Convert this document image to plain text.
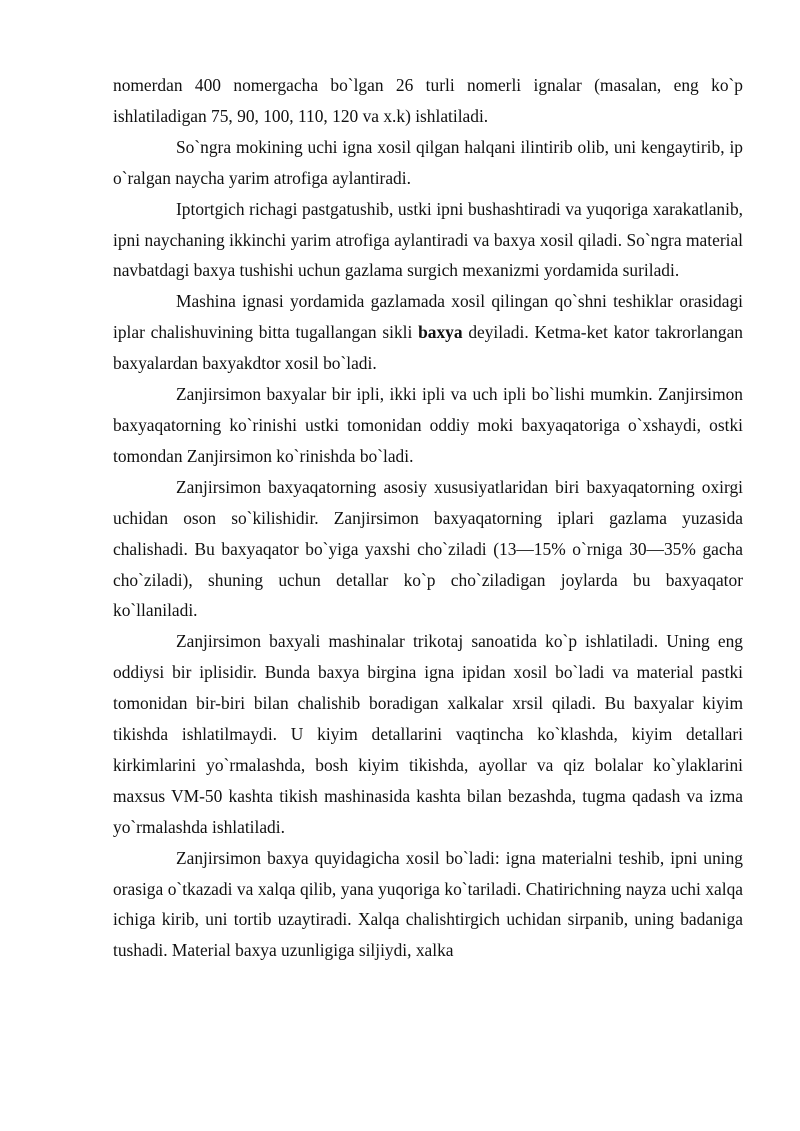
nomerdan 400 nomergacha bo`lgan 26 turli nomerli ignalar (masalan, eng ko`p ishlatiladigan 75, 90, 100, 110, 120 va x.k) ishlatiladi.

So`ngra mokining uchi igna xosil qilgan halqani ilintirib olib, uni kengaytirib, ip o`ralgan naycha yarim atrofiga aylantiradi.

Iptortgich richagi pastgatushib, ustki ipni bushashtiradi va yuqoriga xarakatlanib, ipni naychaning ikkinchi yarim atrofiga aylantiradi va baxya xosil qiladi. So`ngra material navbatdagi baxya tushishi uchun gazlama surgich mexanizmi yordamida suriladi.

Mashina ignasi yordamida gazlamada xosil qilingan qo`shni teshiklar orasidagi iplar chalishuvining bitta tugallangan sikli baxya deyiladi. Ketma-ket kator takrorlangan baxyalardan baxyakdtor xosil bo`ladi.

Zanjirsimon baxyalar bir ipli, ikki ipli va uch ipli bo`lishi mumkin. Zanjirsimon baxyaqatorning ko`rinishi ustki tomonidan oddiy moki baxyaqatoriga o`xshaydi, ostki tomondan Zanjirsimon ko`rinishda bo`ladi.

Zanjirsimon baxyaqatorning asosiy xususiyatlaridan biri baxyaqatorning oxirgi uchidan oson so`kilishidir. Zanjirsimon baxyaqatorning iplari gazlama yuzasida chalishadi. Bu baxyaqator bo`yiga yaxshi cho`ziladi (13—15% o`rniga 30—35% gacha cho`ziladi), shuning uchun detallar ko`p cho`ziladigan joylarda bu baxyaqator ko`llaniladi.

Zanjirsimon baxyali mashinalar trikotaj sanoatida ko`p ishlatiladi. Uning eng oddiysi bir iplisidir. Bunda baxya birgina igna ipidan xosil bo`ladi va material pastki tomonidan bir-biri bilan chalishib boradigan xalkalar xrsil qiladi. Bu baxyalar kiyim tikishda ishlatilmaydi. U kiyim detallarini vaqtincha ko`klashda, kiyim detallari kirkimlarini yo`rmalashda, bosh kiyim tikishda, ayollar va qiz bolalar ko`ylaklarini maxsus VM-50 kashta tikish mashinasida kashta bilan bezashda, tugma qadash va izma yo`rmalashda ishlatiladi.

Zanjirsimon baxya quyidagicha xosil bo`ladi: igna materialni teshib, ipni uning orasiga o`tkazadi va xalqa qilib, yana yuqoriga ko`tariladi. Chatirichning nayza uchi xalqa ichiga kirib, uni tortib uzaytiradi. Xalqa chalishtirgich uchidan sirpanib, uning badaniga tushadi. Material baxya uzunligiga siljiydi, xalka
